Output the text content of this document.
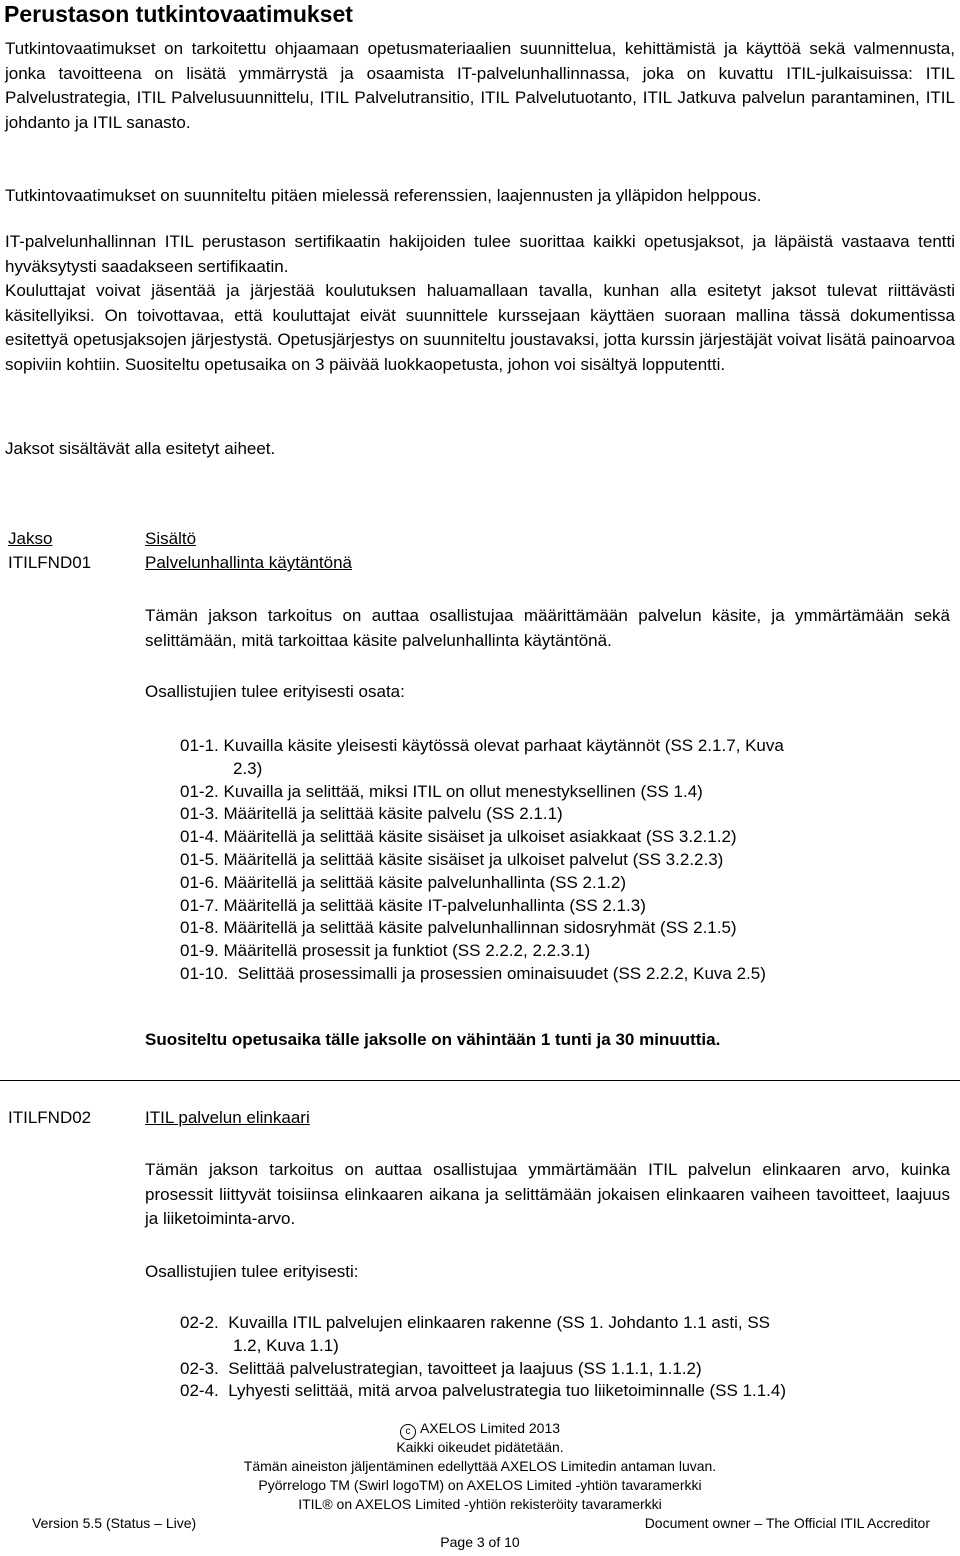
Perustason tutkintovaatimukset

Tutkintovaatimukset on tarkoitettu ohjaamaan opetusmateriaalien suunnittelua, kehittämistä ja käyttöä sekä valmennusta, jonka tavoitteena on lisätä ymmärrystä ja osaamista IT-palvelunhallinnassa, joka on kuvattu ITIL-julkaisuissa: ITIL Palvelustrategia, ITIL Palvelusuunnittelu, ITIL Palvelutransitio, ITIL Palvelutuotanto, ITIL Jatkuva palvelun parantaminen, ITIL johdanto ja ITIL sanasto.

Tutkintovaatimukset on suunniteltu pitäen mielessä referenssien, laajennusten ja ylläpidon helppous.

IT-palvelunhallinnan ITIL perustason sertifikaatin hakijoiden tulee suorittaa kaikki opetusjaksot, ja läpäistä vastaava tentti hyväksytysti saadakseen sertifikaatin.

Kouluttajat voivat jäsentää ja järjestää koulutuksen haluamallaan tavalla, kunhan alla esitetyt jaksot tulevat riittävästi käsitellyiksi. On toivottavaa, että kouluttajat eivät suunnittele kurssejaan käyttäen suoraan mallina tässä dokumentissa esitettyä opetusjaksojen järjestystä. Opetusjärjestys on suunniteltu joustavaksi, jotta kurssin järjestäjät voivat lisätä painoarvoa sopiviin kohtiin. Suositeltu opetusaika on 3 päivää luokkaopetusta, johon voi sisältyä lopputentti.

Jaksot sisältävät alla esitetyt aiheet.

Jakso	Sisältö
ITILFND01	Palvelunhallinta käytäntönä
Tämän jakson tarkoitus on auttaa osallistujaa määrittämään palvelun käsite, ja ymmärtämään sekä selittämään, mitä tarkoittaa käsite palvelunhallinta käytäntönä.
Osallistujien tulee erityisesti osata:
01-1. Kuvailla käsite yleisesti käytössä olevat parhaat käytännöt (SS 2.1.7, Kuva
2.3)
01-2. Kuvailla ja selittää, miksi ITIL on ollut menestyksellinen (SS 1.4)
01-3. Määritellä ja selittää käsite palvelu (SS 2.1.1)
01-4. Määritellä ja selittää käsite sisäiset ja ulkoiset asiakkaat (SS 3.2.1.2)
01-5. Määritellä ja selittää käsite sisäiset ja ulkoiset palvelut (SS 3.2.2.3)
01-6. Määritellä ja selittää käsite palvelunhallinta (SS 2.1.2)
01-7. Määritellä ja selittää käsite IT-palvelunhallinta (SS 2.1.3)
01-8. Määritellä ja selittää käsite palvelunhallinnan sidosryhmät (SS 2.1.5)
01-9. Määritellä prosessit ja funktiot (SS 2.2.2, 2.2.3.1)
01-10. Selittää prosessimalli ja prosessien ominaisuudet (SS 2.2.2, Kuva 2.5)
Suositeltu opetusaika tälle jaksolle on vähintään 1 tunti ja 30 minuuttia.
ITILFND02	ITIL palvelun elinkaari
Tämän jakson tarkoitus on auttaa osallistujaa ymmärtämään ITIL palvelun elinkaaren arvo, kuinka prosessit liittyvät toisiinsa elinkaaren aikana ja selittämään jokaisen elinkaaren vaiheen tavoitteet, laajuus ja liiketoiminta-arvo.
Osallistujien tulee erityisesti:
02-2. Kuvailla ITIL palvelujen elinkaaren rakenne (SS 1. Johdanto 1.1 asti, SS
1.2, Kuva 1.1)
02-3. Selittää palvelustrategian, tavoitteet ja laajuus (SS 1.1.1, 1.1.2)
02-4. Lyhyesti selittää, mitä arvoa palvelustrategia tuo liiketoiminnalle (SS 1.1.4)
c AXELOS Limited 2013
Kaikki oikeudet pidätetään.
Tämän aineiston jäljentäminen edellyttää AXELOS Limitedin antaman luvan.
Pyörrelogo TM (Swirl logoTM) on AXELOS Limited -yhtiön tavaramerkki
ITIL® on AXELOS Limited -yhtiön rekisteröity tavaramerkki
Version 5.5 (Status – Live)	Document owner – The Official ITIL Accreditor
Page 3 of 10
